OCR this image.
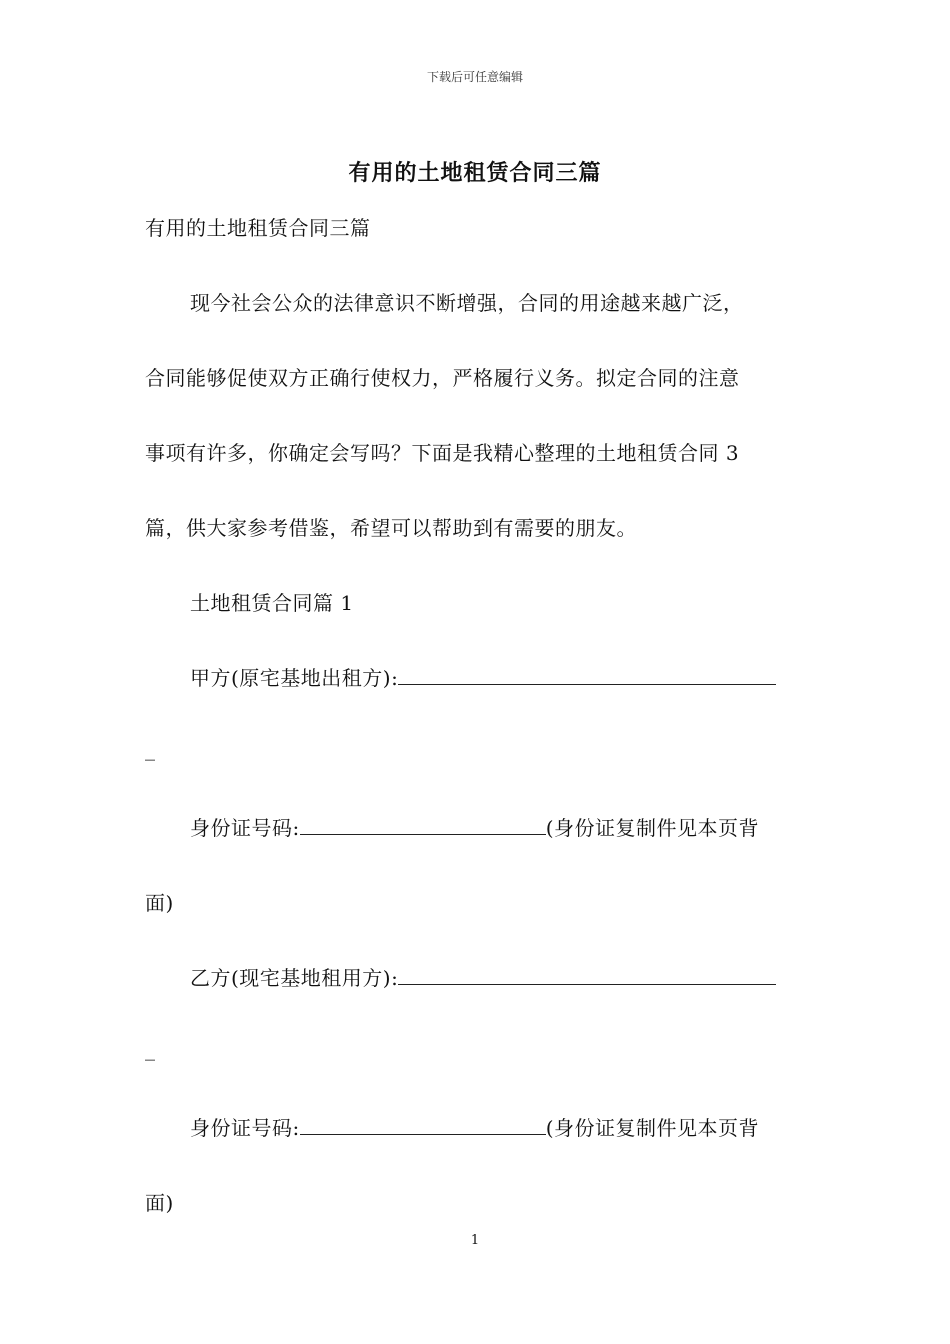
下载后可任意编辑
有用的土地租赁合同三篇
有用的土地租赁合同三篇
现今社会公众的法律意识不断增强，合同的用途越来越广泛，
合同能够促使双方正确行使权力，严格履行义务。拟定合同的注意
事项有许多，你确定会写吗？下面是我精心整理的土地租赁合同 3
篇，供大家参考借鉴，希望可以帮助到有需要的朋友。
土地租赁合同篇 1
甲方(原宅基地出租方):
_
身份证号码:	(身份证复制件见本页背
面)
乙方(现宅基地租用方):
_
身份证号码:	(身份证复制件见本页背
面)
1
